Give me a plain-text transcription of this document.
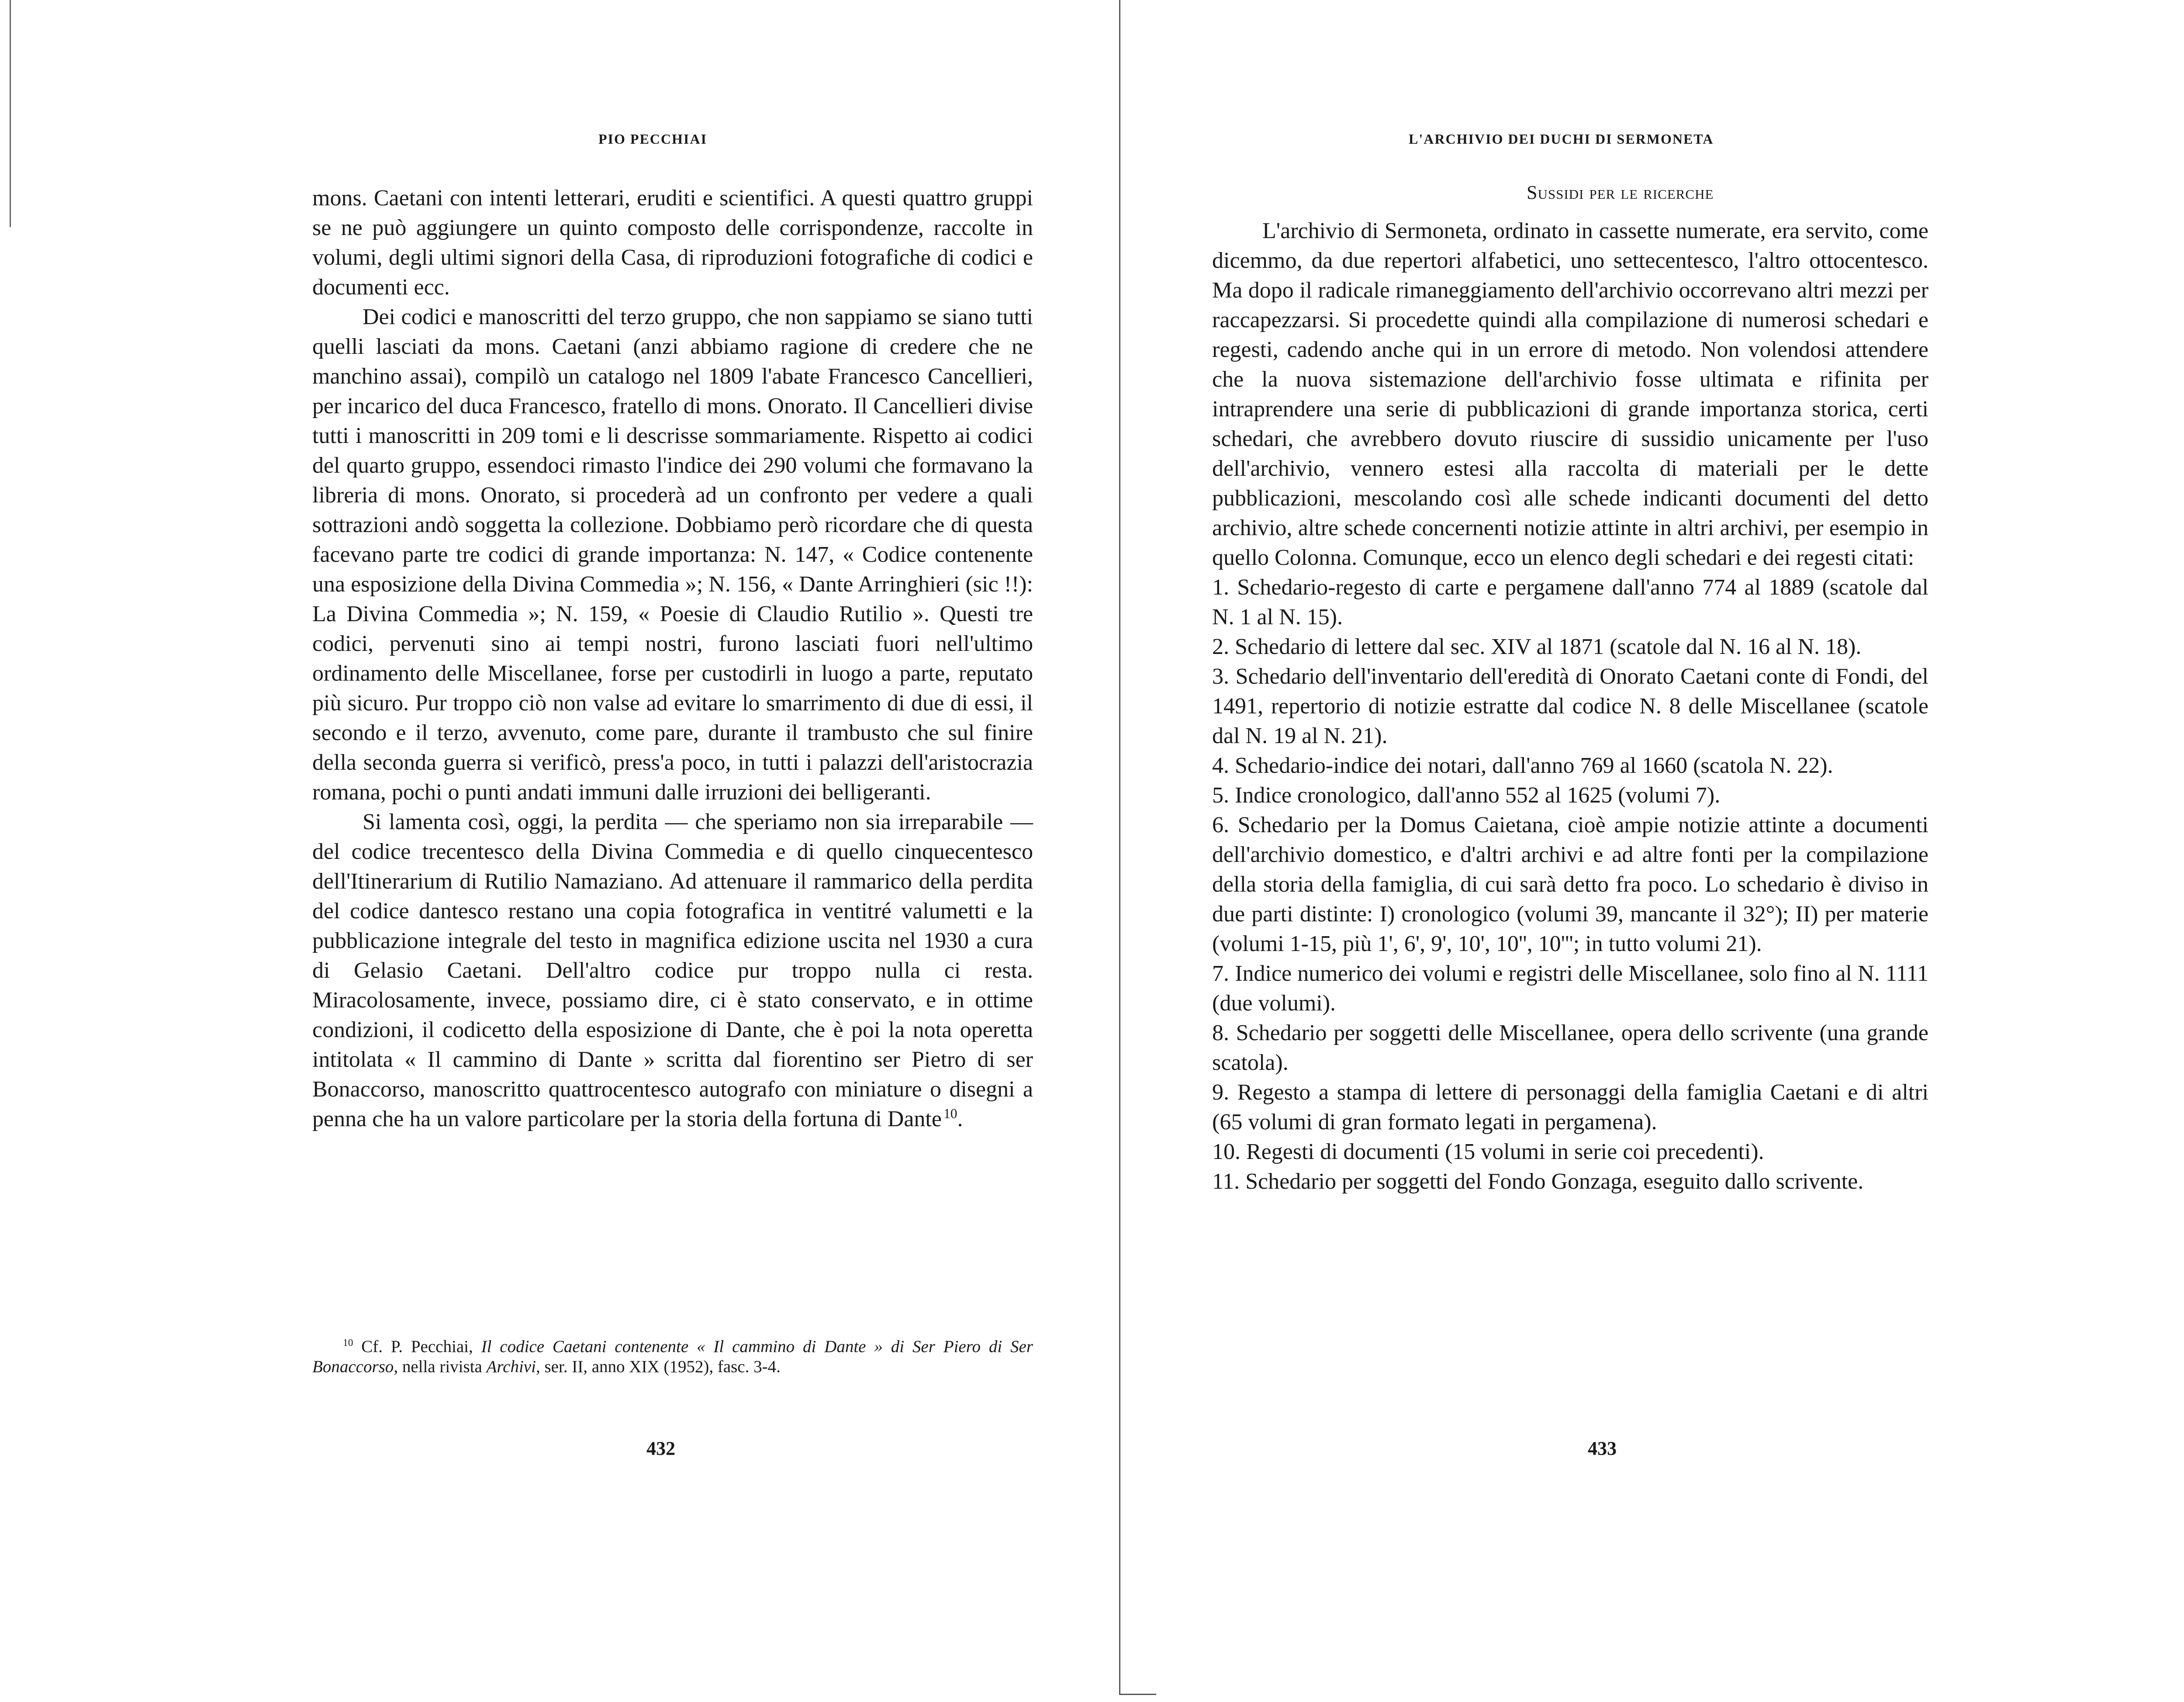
PIO PECCHIAI

mons. Caetani con intenti letterari, eruditi e scientifici. A questi quattro gruppi se ne può aggiungere un quinto composto delle corrispondenze, raccolte in volumi, degli ultimi signori della Casa, di riproduzioni fotografiche di codici e documenti ecc.

Dei codici e manoscritti del terzo gruppo, che non sappiamo se siano tutti quelli lasciati da mons. Caetani (anzi abbiamo ragione di credere che ne manchino assai), compilò un catalogo nel 1809 l'abate Francesco Cancellieri, per incarico del duca Francesco, fratello di mons. Onorato. Il Cancellieri divise tutti i manoscritti in 209 tomi e li descrisse sommariamente. Rispetto ai codici del quarto gruppo, essendoci rimasto l'indice dei 290 volumi che formavano la libreria di mons. Onorato, si procederà ad un confronto per vedere a quali sottrazioni andò soggetta la collezione. Dobbiamo però ricordare che di questa facevano parte tre codici di grande importanza: N. 147, « Codice contenente una esposizione della Divina Commedia »; N. 156, « Dante Arringhieri (sic !!): La Divina Commedia »; N. 159, « Poesie di Claudio Rutilio ». Questi tre codici, pervenuti sino ai tempi nostri, furono lasciati fuori nell'ultimo ordinamento delle Miscellanee, forse per custodirli in luogo a parte, reputato più sicuro. Pur troppo ciò non valse ad evitare lo smarrimento di due di essi, il secondo e il terzo, avvenuto, come pare, durante il trambusto che sul finire della seconda guerra si verificò, press'a poco, in tutti i palazzi dell'aristocrazia romana, pochi o punti andati immuni dalle irruzioni dei belligeranti.

Si lamenta così, oggi, la perdita — che speriamo non sia irreparabile — del codice trecentesco della Divina Commedia e di quello cinquecentesco dell'Itinerarium di Rutilio Namaziano. Ad attenuare il rammarico della perdita del codice dantesco restano una copia fotografica in ventitré valumetti e la pubblicazione integrale del testo in magnifica edizione uscita nel 1930 a cura di Gelasio Caetani. Dell'altro codice pur troppo nulla ci resta. Miracolosamente, invece, possiamo dire, ci è stato conservato, e in ottime condizioni, il codicetto della esposizione di Dante, che è poi la nota operetta intitolata « Il cammino di Dante » scritta dal fiorentino ser Pietro di ser Bonaccorso, manoscritto quattrocentesco autografo con miniature o disegni a penna che ha un valore particolare per la storia della fortuna di Dante  $^{10}$.

$^{10}$ Cf. P. Pecchiai, Il codice Caetani contenente « Il cammino di Dante » di Ser Piero di Ser Bonaccorso, nella rivista Archivi, ser. II, anno XIX (1952), fasc. 3-4.
432
L'ARCHIVIO DEI DUCHI DI SERMONETA
Sussidi per le ricerche

L'archivio di Sermoneta, ordinato in cassette numerate, era servito, come dicemmo, da due repertori alfabetici, uno settecentesco, l'altro ottocentesco. Ma dopo il radicale rimaneggiamento dell'archivio occorrevano altri mezzi per raccapezzarsi. Si procedette quindi alla compilazione di numerosi schedari e regesti, cadendo anche qui in un errore di metodo. Non volendosi attendere che la nuova sistemazione dell'archivio fosse ultimata e rifinita per intraprendere una serie di pubblicazioni di grande importanza storica, certi schedari, che avrebbero dovuto riuscire di sussidio unicamente per l'uso dell'archivio, vennero estesi alla raccolta di materiali per le dette pubblicazioni, mescolando così alle schede indicanti documenti del detto archivio, altre schede concernenti notizie attinte in altri archivi, per esempio in quello Colonna. Comunque, ecco un elenco degli schedari e dei regesti citati:

1. Schedario-regesto di carte e pergamene dall'anno 774 al 1889 (scatole dal N. 1 al N. 15).

2. Schedario di lettere dal sec. XIV al 1871 (scatole dal N. 16 al N. 18).

3. Schedario dell'inventario dell'eredità di Onorato Caetani conte di Fondi, del 1491, repertorio di notizie estratte dal codice N. 8 delle Miscellanee (scatole dal N. 19 al N. 21).

4. Schedario-indice dei notari, dall'anno 769 al 1660 (scatola N. 22).

5. Indice cronologico, dall'anno 552 al 1625 (volumi 7).

6. Schedario per la Domus Caietana, cioè ampie notizie attinte a documenti dell'archivio domestico, e d'altri archivi e ad altre fonti per la compilazione della storia della famiglia, di cui sarà detto fra poco. Lo schedario è diviso in due parti distinte: I) cronologico (volumi 39, mancante il 32°); II) per materie (volumi 1-15, più 1', 6', 9', 10', 10'', 10'''; in tutto volumi 21).

7. Indice numerico dei volumi e registri delle Miscellanee, solo fino al N. 1111 (due volumi).

8. Schedario per soggetti delle Miscellanee, opera dello scrivente (una grande scatola).

9. Regesto a stampa di lettere di personaggi della famiglia Caetani e di altri (65 volumi di gran formato legati in pergamena).

10. Regesti di documenti (15 volumi in serie coi precedenti).

11. Schedario per soggetti del Fondo Gonzaga, eseguito dallo scrivente.

433
